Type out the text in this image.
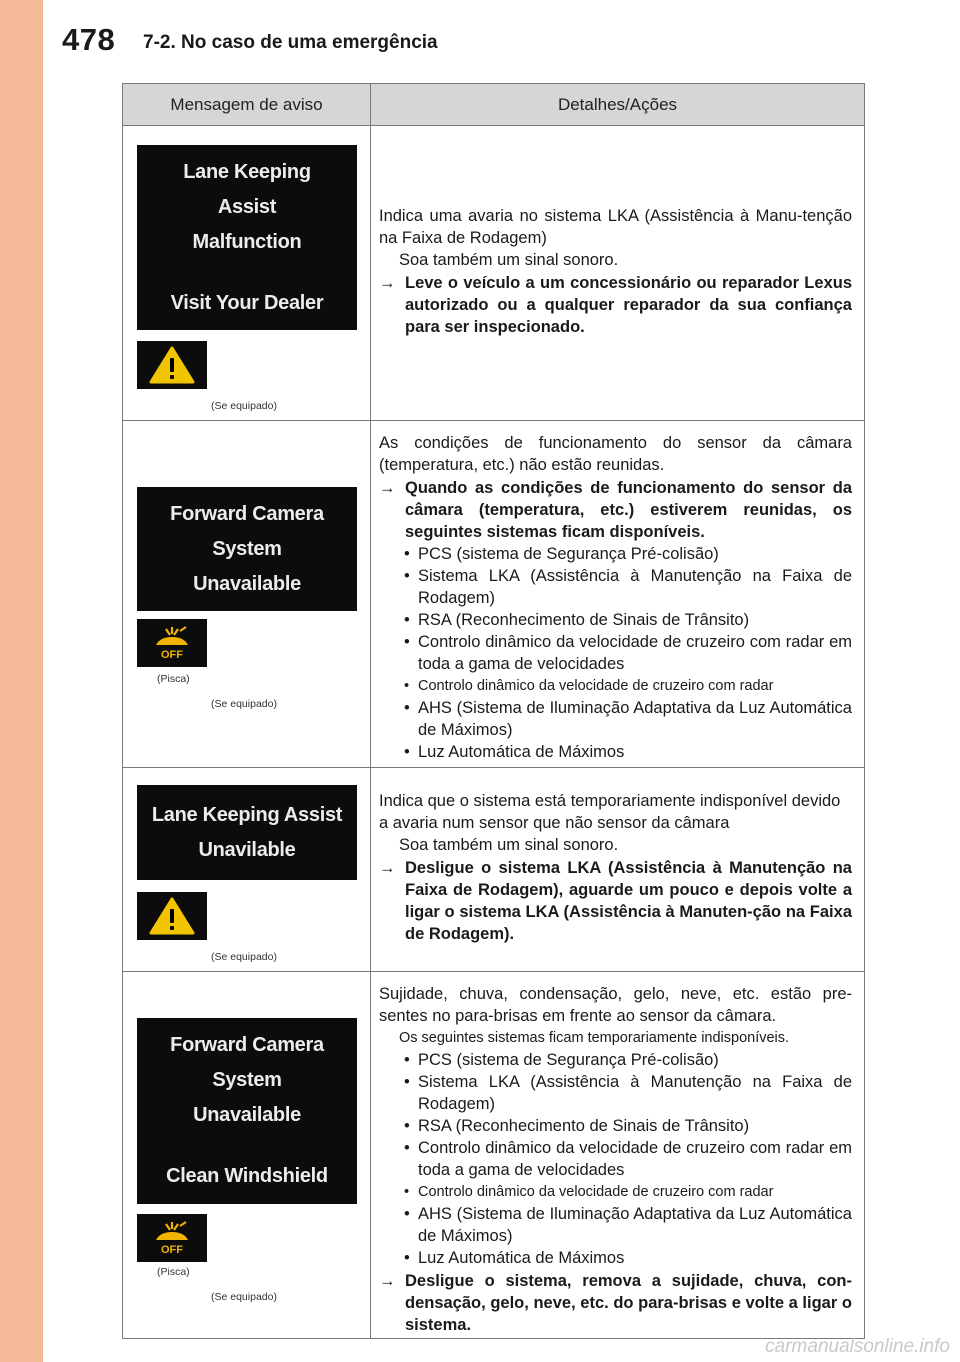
478 7-2. No caso de uma emergência
Mensagem de aviso	Detalhes/Ações
Lane Keeping
Assist
Malfunction
Visit Your Dealer
(Se equipado)

Indica uma avaria no sistema LKA (Assistência à Manu-tenção na Faixa de Rodagem)

Soa também um sinal sonoro.

→ Leve o veículo a um concessionário ou reparador Lexus autorizado ou a qualquer reparador da sua confiança para ser inspecionado.
Forward Camera
System
Unavailable
OFF
(Pisca)
(Se equipado)

As condições de funcionamento do sensor da câmara (temperatura, etc.) não estão reunidas.

→ Quando as condições de funcionamento do sensor da câmara (temperatura, etc.) estiverem reunidas, os seguintes sistemas ficam disponíveis.
• PCS (sistema de Segurança Pré-colisão)
• Sistema LKA (Assistência à Manutenção na Faixa de Rodagem)
• RSA (Reconhecimento de Sinais de Trânsito)
• Controlo dinâmico da velocidade de cruzeiro com radar em toda a gama de velocidades
• Controlo dinâmico da velocidade de cruzeiro com radar
• AHS (Sistema de Iluminação Adaptativa da Luz Automática de Máximos)
• Luz Automática de Máximos
Lane Keeping Assist
Unavilable
(Se equipado)

Indica que o sistema está temporariamente indisponível devido a avaria num sensor que não sensor da câmara

Soa também um sinal sonoro.

→ Desligue o sistema LKA (Assistência à Manutenção na Faixa de Rodagem), aguarde um pouco e depois volte a ligar o sistema LKA (Assistência à Manuten-ção na Faixa de Rodagem).
Forward Camera
System
Unavailable
Clean Windshield
OFF
(Pisca)
(Se equipado)

Sujidade, chuva, condensação, gelo, neve, etc. estão pre-sentes no para-brisas em frente ao sensor da câmara.

Os seguintes sistemas ficam temporariamente indisponíveis.

• PCS (sistema de Segurança Pré-colisão)
• Sistema LKA (Assistência à Manutenção na Faixa de Rodagem)
• RSA (Reconhecimento de Sinais de Trânsito)
• Controlo dinâmico da velocidade de cruzeiro com radar em toda a gama de velocidades
• Controlo dinâmico da velocidade de cruzeiro com radar
• AHS (Sistema de Iluminação Adaptativa da Luz Automática de Máximos)
• Luz Automática de Máximos
→ Desligue o sistema, remova a sujidade, chuva, con-densação, gelo, neve, etc. do para-brisas e volte a ligar o sistema.
carmanualsonline.info
